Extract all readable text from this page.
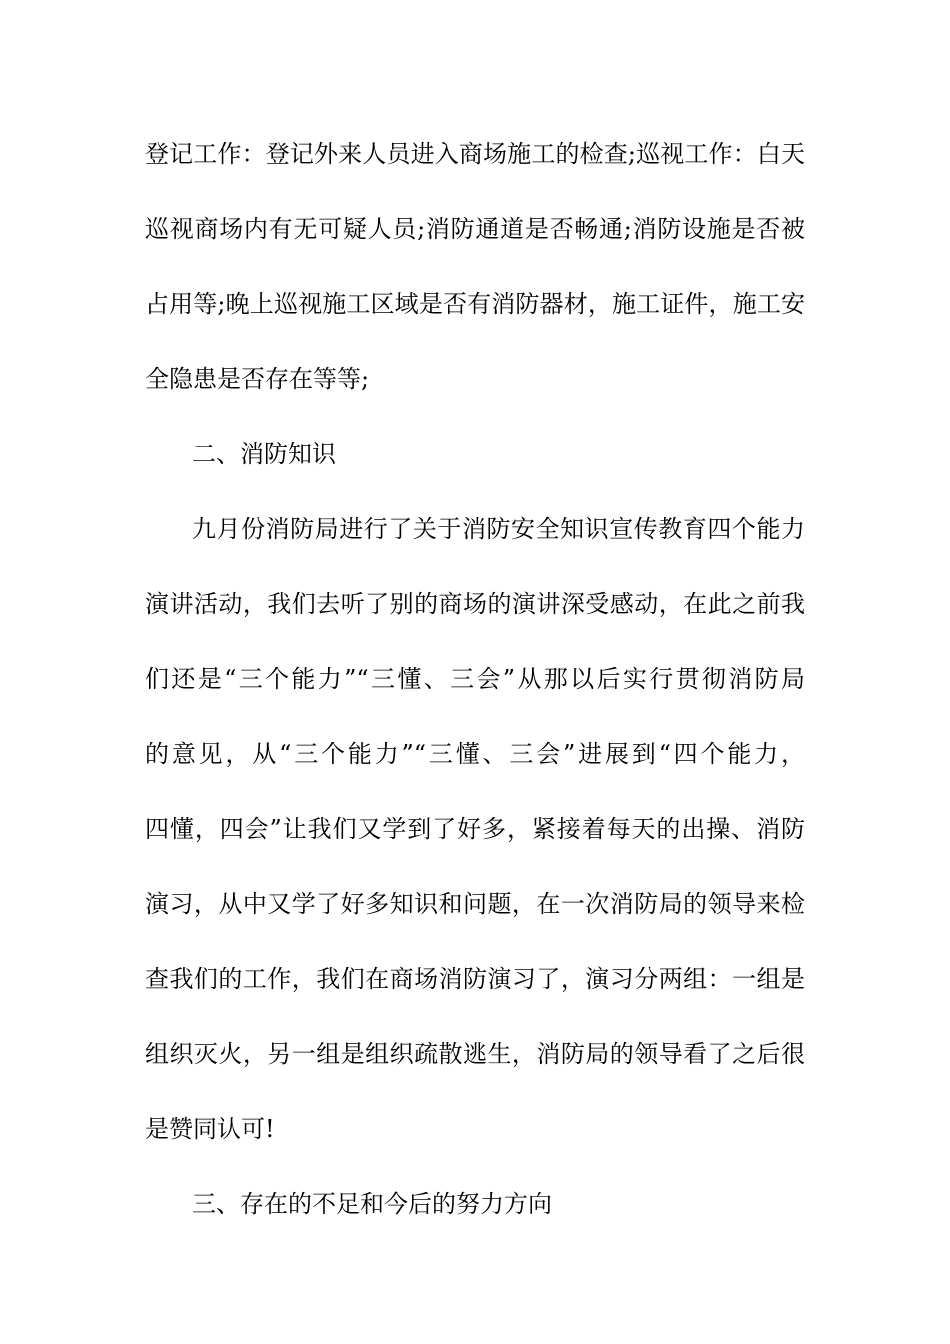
登记工作：登记外来人员进入商场施工的检查;巡视工作：白天
巡视商场内有无可疑人员;消防通道是否畅通;消防设施是否被
占用等;晚上巡视施工区域是否有消防器材，施工证件，施工安
全隐患是否存在等等;
二、消防知识
九月份消防局进行了关于消防安全知识宣传教育四个能力
演讲活动，我们去听了别的商场的演讲深受感动，在此之前我
们还是“三个能力”“三懂、三会”从那以后实行贯彻消防局
的意见，从“三个能力”“三懂、三会”进展到“四个能力，
四懂，四会”让我们又学到了好多，紧接着每天的出操、消防
演习，从中又学了好多知识和问题，在一次消防局的领导来检
查我们的工作，我们在商场消防演习了，演习分两组：一组是
组织灭火，另一组是组织疏散逃生，消防局的领导看了之后很
是赞同认可!
三、存在的不足和今后的努力方向
